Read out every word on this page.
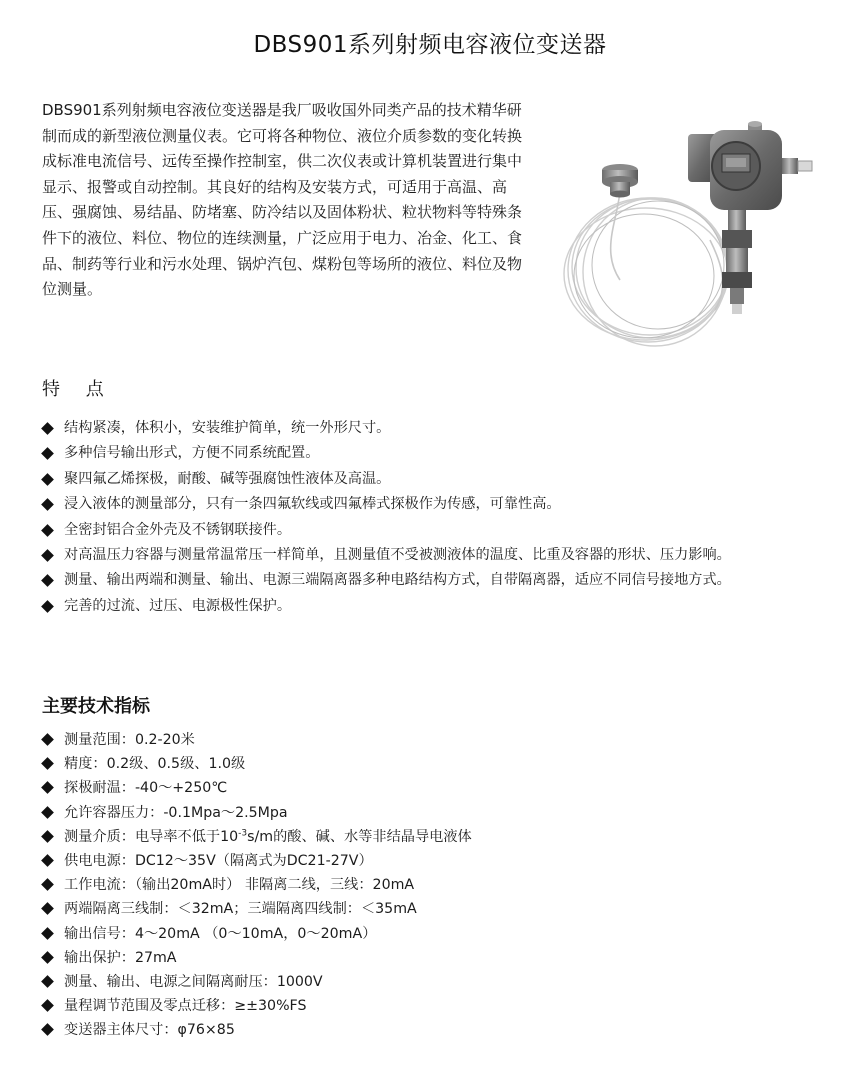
DBS901系列射频电容液位变送器

DBS901系列射频电容液位变送器是我厂吸收国外同类产品的技术精华研制而成的新型液位测量仪表。它可将各种物位、液位介质参数的变化转换成标准电流信号、远传至操作控制室，供二次仪表或计算机装置进行集中显示、报警或自动控制。其良好的结构及安装方式，可适用于高温、高压、强腐蚀、易结晶、防堵塞、防冷结以及固体粉状、粒状物料等特殊条件下的液位、料位、物位的连续测量，广泛应用于电力、冶金、化工、食品、制药等行业和污水处理、锅炉汽包、煤粉包等场所的液位、料位及物位测量。

特 点
结构紧凑，体积小，安装维护简单，统一外形尺寸。
多种信号输出形式，方便不同系统配置。
聚四氟乙烯探极，耐酸、碱等强腐蚀性液体及高温。
浸入液体的测量部分，只有一条四氟软线或四氟棒式探极作为传感，可靠性高。
全密封铝合金外壳及不锈钢联接件。
对高温压力容器与测量常温常压一样简单，且测量值不受被测液体的温度、比重及容器的形状、压力影响。
测量、输出两端和测量、输出、电源三端隔离器多种电路结构方式，自带隔离器，适应不同信号接地方式。
完善的过流、过压、电源极性保护。
主要技术指标
测量范围：0.2-20米
精度：0.2级、0.5级、1.0级
探极耐温：-40～+250℃
允许容器压力：-0.1Mpa～2.5Mpa
测量介质：电导率不低于$10^{-3}s/m$的酸、碱、水等非结晶导电液体
供电电源：DC12～35V（隔离式为DC21-27V）
工作电流：（输出20mA时） 非隔离二线，三线：20mA
两端隔离三线制：＜32mA；三端隔离四线制：＜35mA
输出信号：4～20mA （0～10mA，0～20mA）
输出保护：27mA
测量、输出、电源之间隔离耐压：1000V
量程调节范围及零点迁移：≥±30%FS
变送器主体尺寸：φ76×85
